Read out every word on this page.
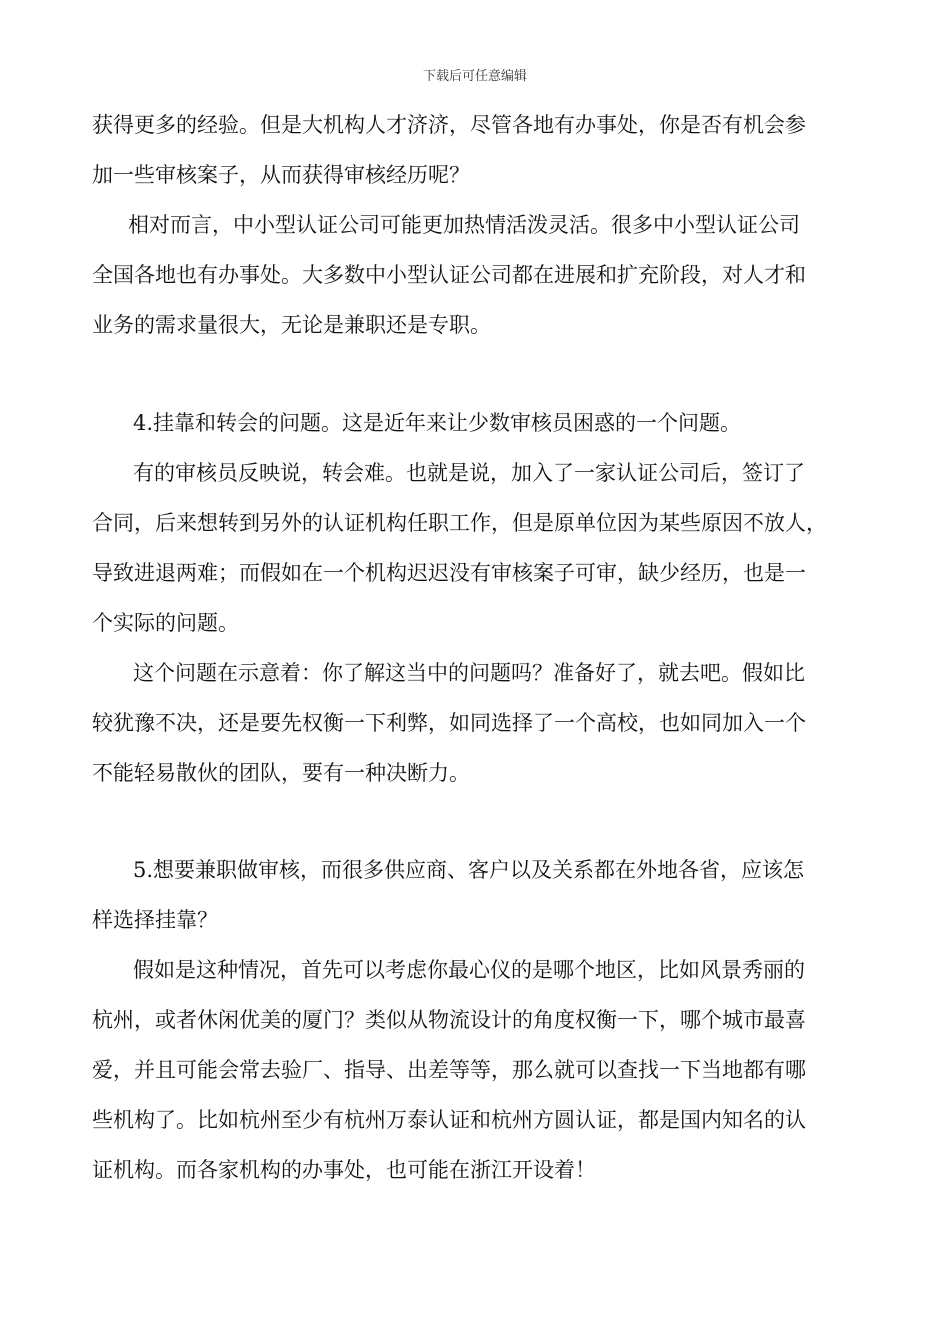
下载后可任意编辑
获得更多的经验。但是大机构人才济济，尽管各地有办事处，你是否有机会参
加一些审核案子，从而获得审核经历呢？
相对而言，中小型认证公司可能更加热情活泼灵活。很多中小型认证公司
全国各地也有办事处。大多数中小型认证公司都在进展和扩充阶段，对人才和
业务的需求量很大，无论是兼职还是专职。
4.挂靠和转会的问题。这是近年来让少数审核员困惑的一个问题。
有的审核员反映说，转会难。也就是说，加入了一家认证公司后，签订了
合同，后来想转到另外的认证机构任职工作，但是原单位因为某些原因不放人，
导致进退两难；而假如在一个机构迟迟没有审核案子可审，缺少经历，也是一
个实际的问题。
这个问题在示意着：你了解这当中的问题吗？准备好了，就去吧。假如比
较犹豫不决，还是要先权衡一下利弊，如同选择了一个高校，也如同加入一个
不能轻易散伙的团队，要有一种决断力。
5.想要兼职做审核，而很多供应商、客户以及关系都在外地各省，应该怎
样选择挂靠？
假如是这种情况，首先可以考虑你最心仪的是哪个地区，比如风景秀丽的
杭州，或者休闲优美的厦门？类似从物流设计的角度权衡一下，哪个城市最喜
爱，并且可能会常去验厂、指导、出差等等，那么就可以查找一下当地都有哪
些机构了。比如杭州至少有杭州万泰认证和杭州方圆认证，都是国内知名的认
证机构。而各家机构的办事处，也可能在浙江开设着！
